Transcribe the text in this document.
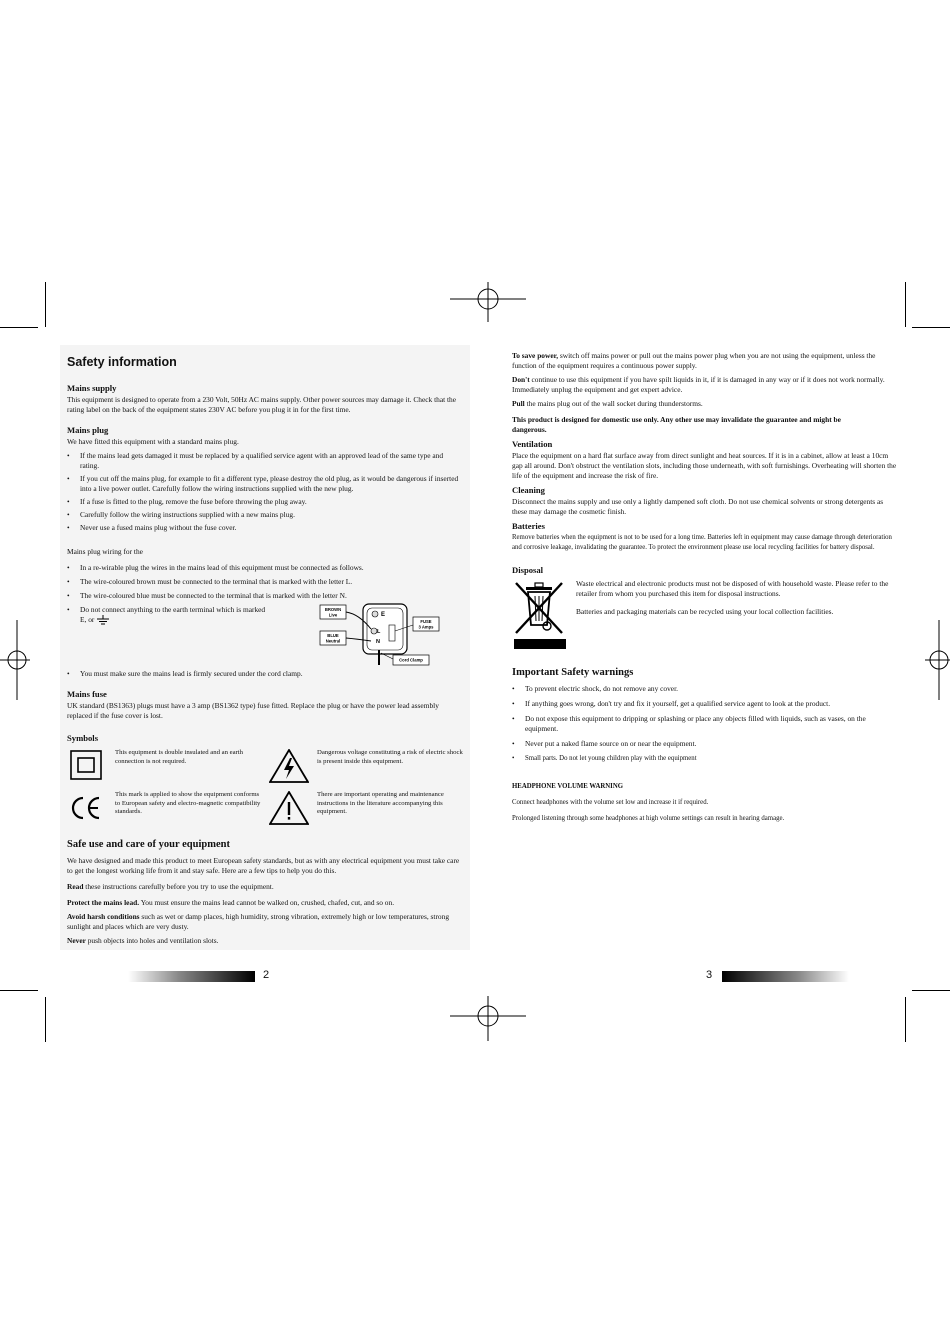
Safety information
Mains supply
This equipment is designed to operate from a 230 Volt, 50Hz AC mains supply. Other power sources may damage it. Check that the rating label on the back of the equipment states 230V AC before you plug it in for the first time.
Mains plug
We have fitted this equipment with a standard mains plug.
• If the mains lead gets damaged it must be replaced by a qualified service agent with an approved lead of the same type and rating.
• If you cut off the mains plug, for example to fit a different type, please destroy the old plug, as it would be dangerous if inserted into a live power outlet. Carefully follow the wiring instructions supplied with the new plug.
• If a fuse is fitted to the plug, remove the fuse before throwing the plug away.
• Carefully follow the wiring instructions supplied with a new mains plug.
• Never use a fused mains plug without the fuse cover.
Mains plug wiring for the
• In a re-wirable plug the wires in the mains lead of this equipment must be connected as follows.
• The wire-coloured brown must be connected to the terminal that is marked with the letter L.
• The wire-coloured blue must be connected to the terminal that is marked with the letter N.
• Do not connect anything to the earth terminal which is marked E, or
BROWN
Live
BLUE
Neutral
E
L
N
FUSE
3 Amps
Cord Clamp
• You must make sure the mains lead is firmly secured under the cord clamp.
Mains fuse
UK standard (BS1363) plugs must have a 3 amp (BS1362 type) fuse fitted. Replace the plug or have the power lead assembly replaced if the fuse cover is lost.
Symbols
This equipment is double insulated and an earth connection is not required.
Dangerous voltage constituting a risk of electric shock is present inside this equipment.
This mark is applied to show the equipment conforms to European safety and electro-magnetic compatibility standards.
There are important operating and maintenance instructions in the literature accompanying this equipment.
Safe use and care of your equipment
We have designed and made this product to meet European safety standards, but as with any electrical equipment you must take care to get the longest working life from it and stay safe. Here are a few tips to help you do this.
Read these instructions carefully before you try to use the equipment.
Protect the mains lead. You must ensure the mains lead cannot be walked on, crushed, chafed, cut, and so on.
Avoid harsh conditions such as wet or damp places, high humidity, strong vibration, extremely high or low temperatures, strong sunlight and places which are very dusty.
Never push objects into holes and ventilation slots.
To save power, switch off mains power or pull out the mains power plug when you are not using the equipment, unless the function of the equipment requires a continuous power supply.
Don't continue to use this equipment if you have spilt liquids in it, if it is damaged in any way or if it does not work normally. Immediately unplug the equipment and get expert advice.
Pull the mains plug out of the wall socket during thunderstorms.
This product is designed for domestic use only. Any other use may invalidate the guarantee and might be dangerous.
Ventilation
Place the equipment on a hard flat surface away from direct sunlight and heat sources. If it is in a cabinet, allow at least a 10cm gap all around. Don't obstruct the ventilation slots, including those underneath, with soft furnishings. Overheating will shorten the life of the equipment and increase the risk of fire.
Cleaning
Disconnect the mains supply and use only a lightly dampened soft cloth. Do not use chemical solvents or strong detergents as these may damage the cosmetic finish.
Batteries
Remove batteries when the equipment is not to be used for a long time. Batteries left in equipment may cause damage through deterioration and corrosive leakage, invalidating the guarantee. To protect the environment please use local recycling facilities for battery disposal.
Disposal
Waste electrical and electronic products must not be disposed of with household waste. Please refer to the retailer from whom you purchased this item for disposal instructions.
Batteries and packaging materials can be recycled using your local collection facilities.
Important Safety warnings
• To prevent electric shock, do not remove any cover.
• If anything goes wrong, don't try and fix it yourself, get a qualified service agent to look at the product.
• Do not expose this equipment to dripping or splashing or place any objects filled with liquids, such as vases, on the equipment.
• Never put a naked flame source on or near the equipment.
• Small parts. Do not let young children play with the equipment
HEADPHONE VOLUME WARNING
Connect headphones with the volume set low and increase it if required.
Prolonged listening through some headphones at high volume settings can result in hearing damage.
2	3
